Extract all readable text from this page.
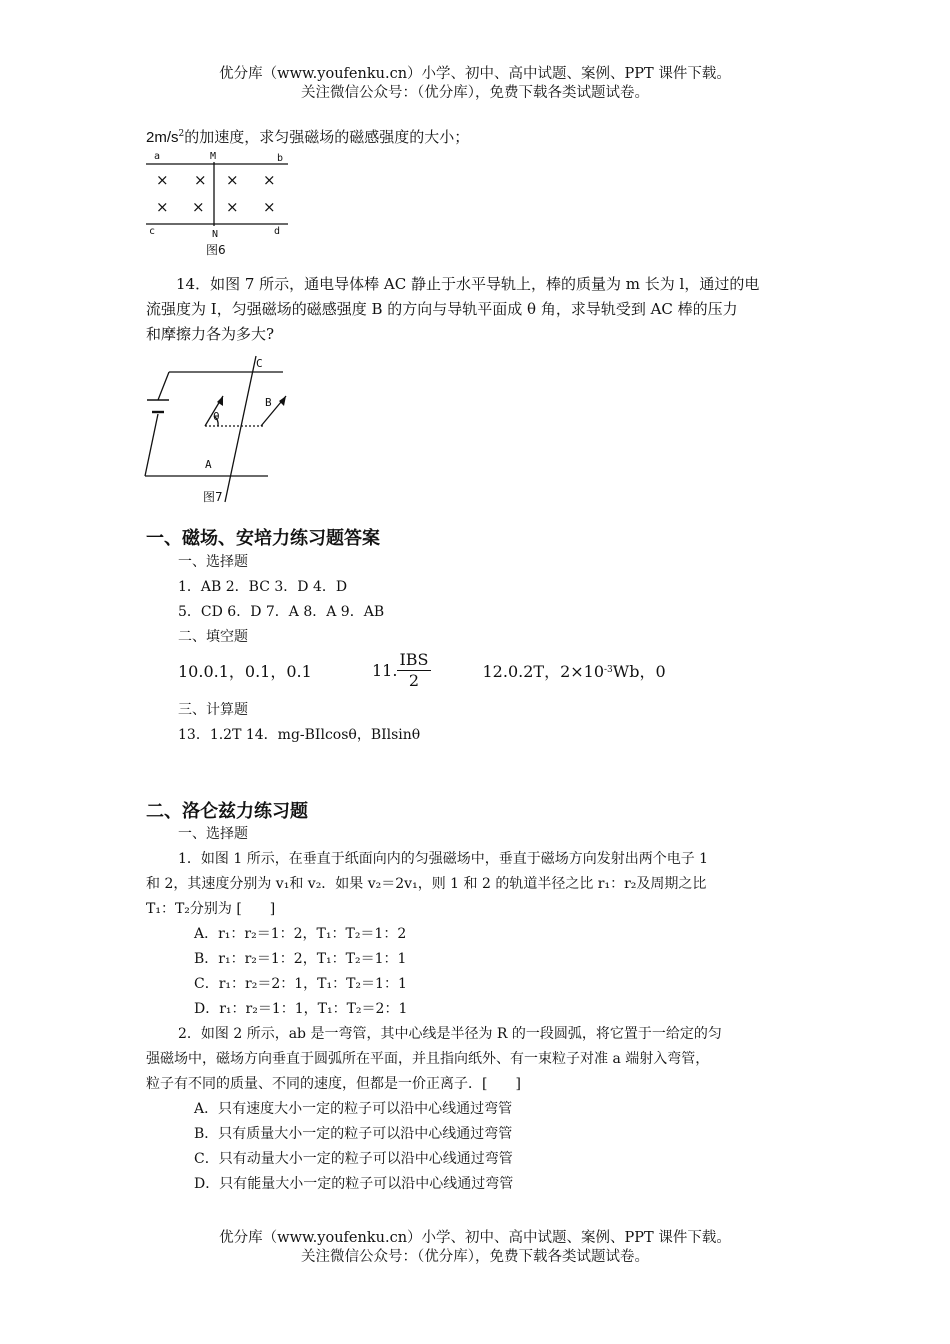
优分库（www.youfenku.cn）小学、初中、高中试题、案例、PPT 课件下载。
关注微信公众号：（优分库），免费下载各类试题试卷。
$2m/s^2$的加速度，求匀强磁场的磁感强度的大小；
a	M	b
c	N	d
× × × ×
× × × ×
图6
14．如图 7 所示，通电导体棒 AC 静止于水平导轨上，棒的质量为 m 长为 l，通过的电
流强度为 I，匀强磁场的磁感强度 B 的方向与导轨平面成 θ 角，求导轨受到 AC 棒的压力
和摩擦力各为多大?
C
B
θ
A
图7
一、磁场、安培力练习题答案
一、选择题
1．AB 2．BC 3．D 4．D
5．CD 6．D 7．A 8．A 9．AB
二、填空题
10.0.1，0.1，0.1	11. $\frac{\text{IBS}}{2}$	12.0.2T，2×10 -3 Wb，0
三、计算题
13．1.2T 14．mg-BIlcosθ，BIlsinθ
二、洛仑兹力练习题
一、选择题
1．如图 1 所示，在垂直于纸面向内的匀强磁场中，垂直于磁场方向发射出两个电子 1
和 2，其速度分别为 v₁和 v₂．如果 v₂＝2v₁，则 1 和 2 的轨道半径之比 r₁：r₂及周期之比
T₁：T₂分别为 [　　]
A．r₁：r₂＝1：2，T₁：T₂＝1：2
B．r₁：r₂＝1：2，T₁：T₂＝1：1
C．r₁：r₂＝2：1，T₁：T₂＝1：1
D．r₁：r₂＝1：1，T₁：T₂＝2：1
2．如图 2 所示，ab 是一弯管，其中心线是半径为 R 的一段圆弧，将它置于一给定的匀
强磁场中，磁场方向垂直于圆弧所在平面，并且指向纸外、有一束粒子对准 a 端射入弯管，
粒子有不同的质量、不同的速度，但都是一价正离子．[　　]
A．只有速度大小一定的粒子可以沿中心线通过弯管
B．只有质量大小一定的粒子可以沿中心线通过弯管
C．只有动量大小一定的粒子可以沿中心线通过弯管
D．只有能量大小一定的粒子可以沿中心线通过弯管
优分库（www.youfenku.cn）小学、初中、高中试题、案例、PPT 课件下载。
关注微信公众号：（优分库），免费下载各类试题试卷。
